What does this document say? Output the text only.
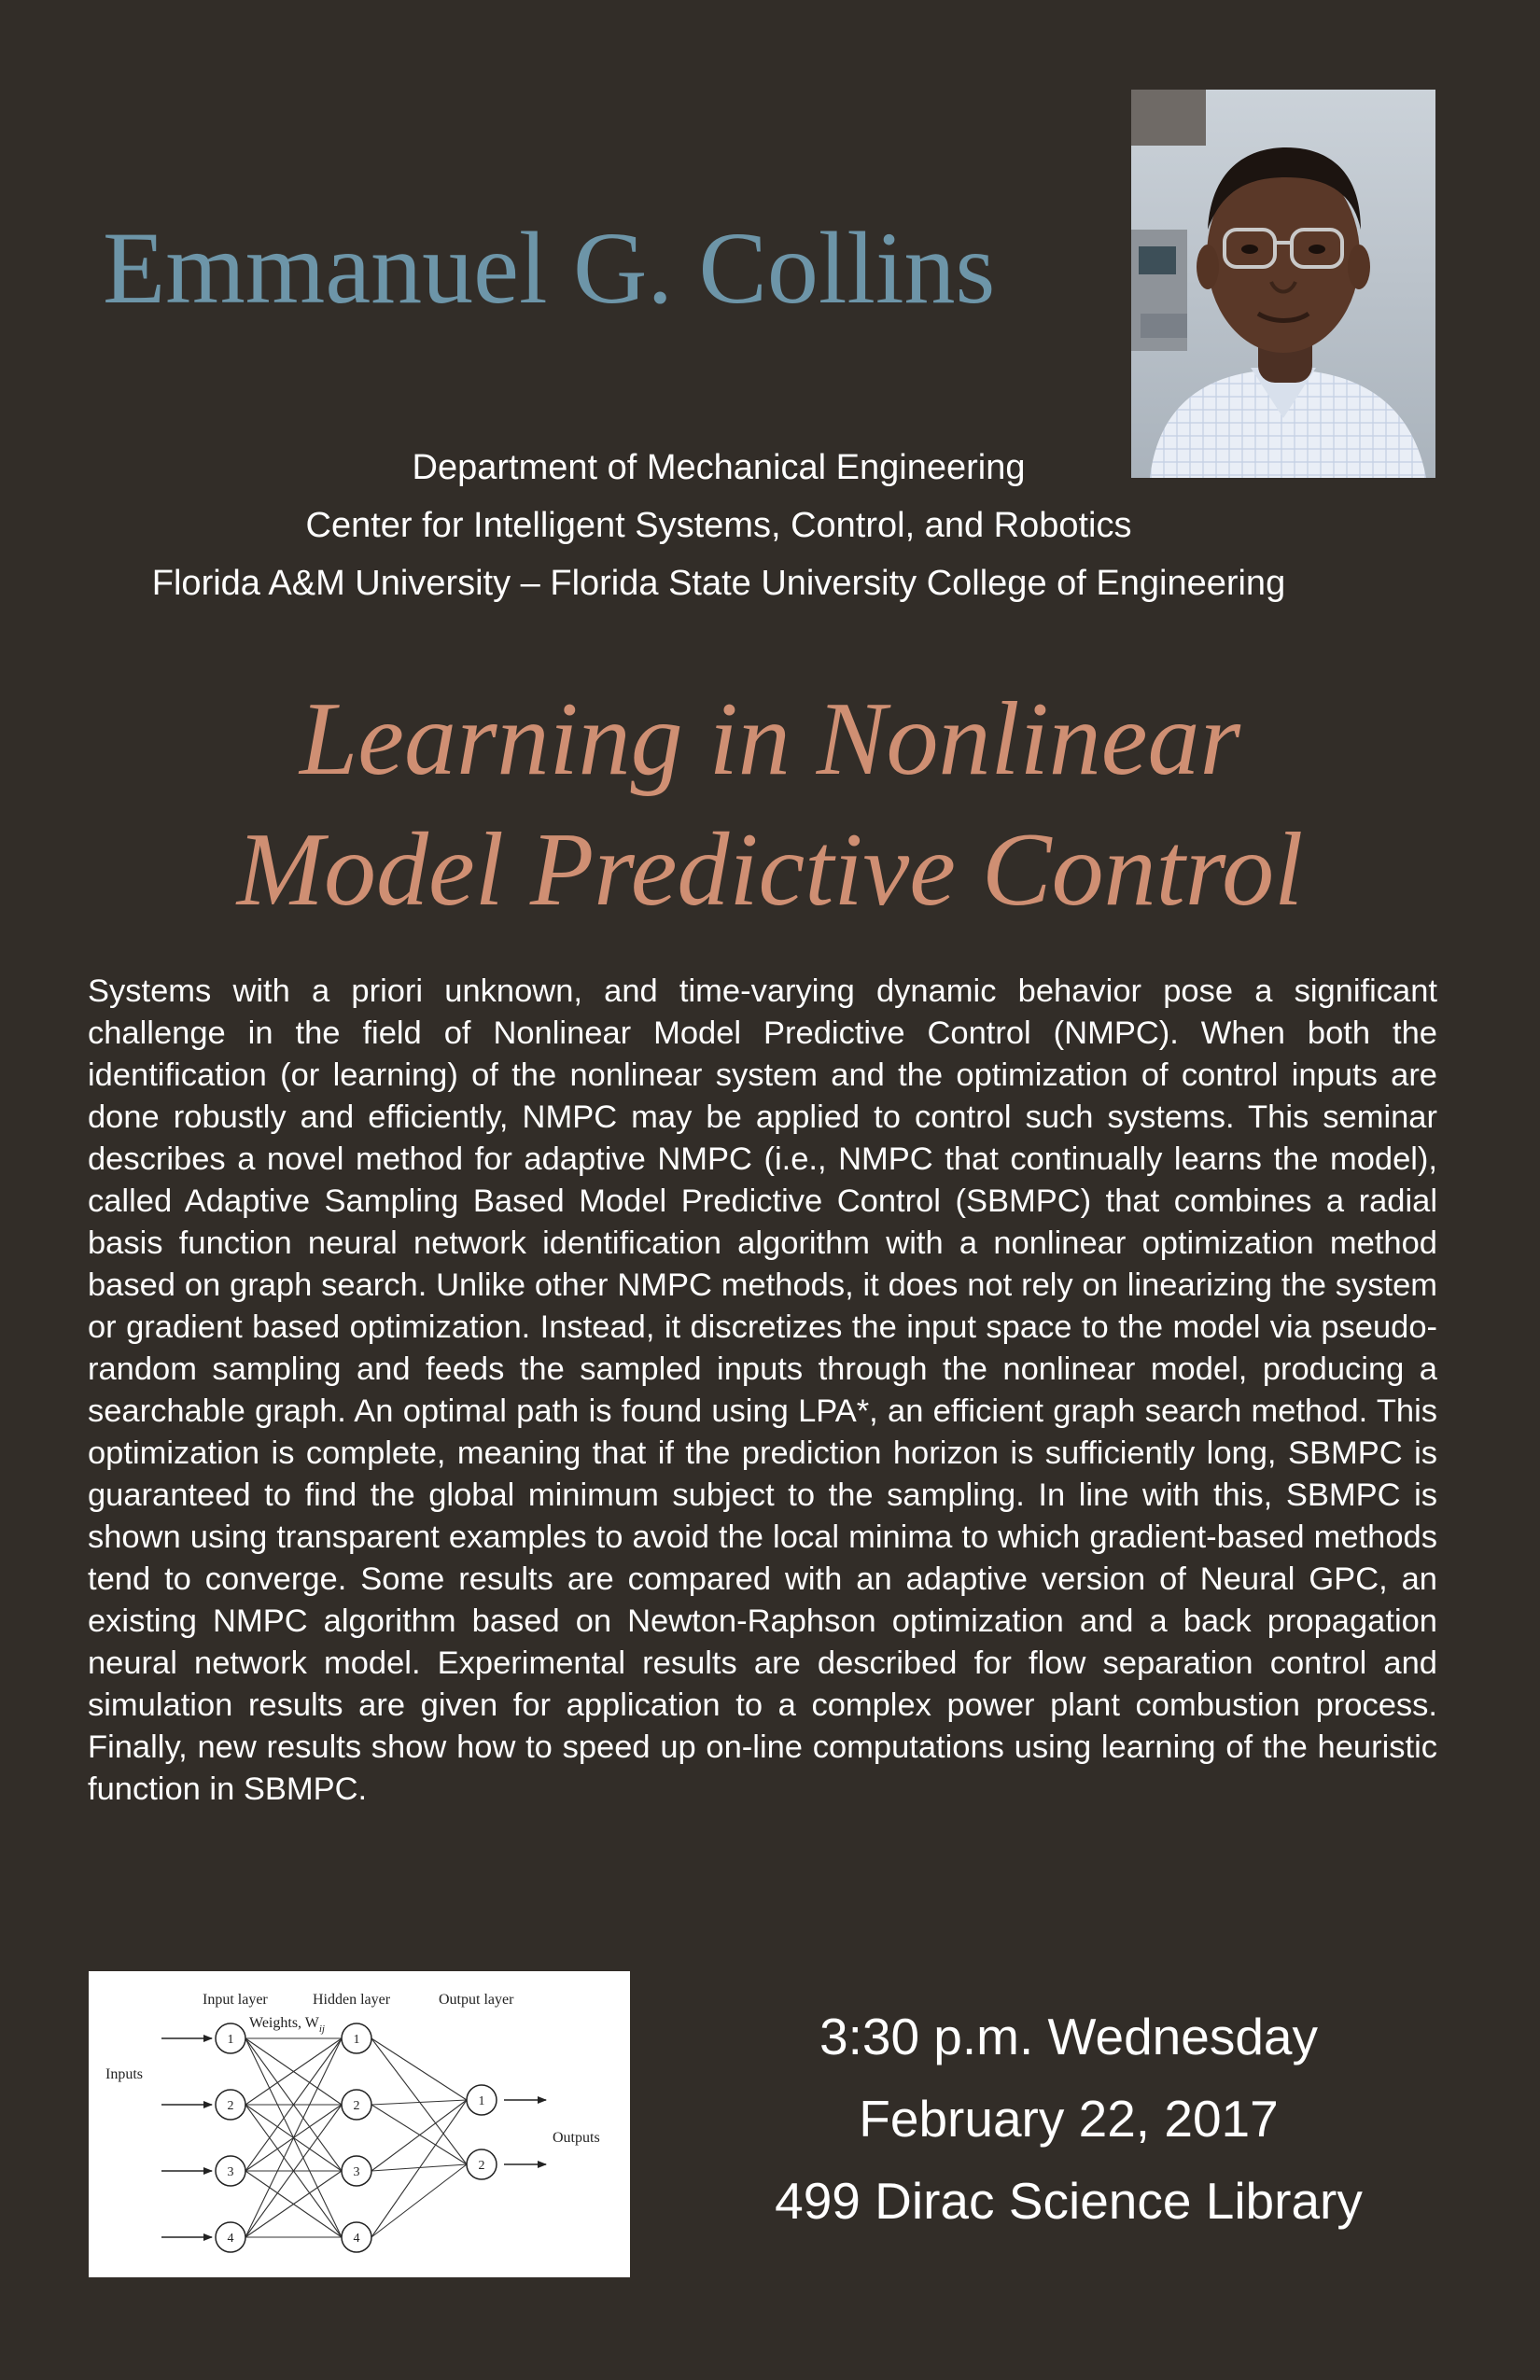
Emmanuel G. Collins
Department of Mechanical Engineering
Center for Intelligent Systems, Control, and Robotics
Florida A&M University – Florida State University College of Engineering
Learning in Nonlinear
Model Predictive Control

Systems with a priori unknown, and time-varying dynamic behavior pose a significant challenge in the field of Nonlinear Model Predictive Control (NMPC). When both the identification (or learning) of the nonlinear system and the optimization of control inputs are done robustly and efficiently, NMPC may be applied to control such systems. This seminar describes a novel method for adaptive NMPC (i.e., NMPC that continually learns the model), called Adaptive Sampling Based Model Predictive Control (SBMPC) that combines a radial basis function neural network identification algorithm with a nonlinear optimization method based on graph search. Unlike other NMPC methods, it does not rely on linearizing the system or gradient based optimization. Instead, it discretizes the input space to the model via pseudo-random sampling and feeds the sampled inputs through the nonlinear model, producing a searchable graph. An optimal path is found using LPA*, an efficient graph search method. This optimization is complete, meaning that if the prediction horizon is sufficiently long, SBMPC is guaranteed to find the global minimum subject to the sampling. In line with this, SBMPC is shown using transparent examples to avoid the local minima to which gradient-based methods tend to converge. Some results are compared with an adaptive version of Neural GPC, an existing NMPC algorithm based on Newton-Raphson optimization and a back propagation neural network model. Experimental results are described for flow separation control and simulation results are given for application to a complex power plant combustion process. Finally, new results show how to speed up on-line computations using learning of the heuristic function in SBMPC.

1
2
3
4
1
2
3
4
1
2
Input layer	Hidden layer	Output layer
Weights, $W_{ij}$
Inputs
Outputs
3:30 p.m. Wednesday
February 22, 2017
499 Dirac Science Library
